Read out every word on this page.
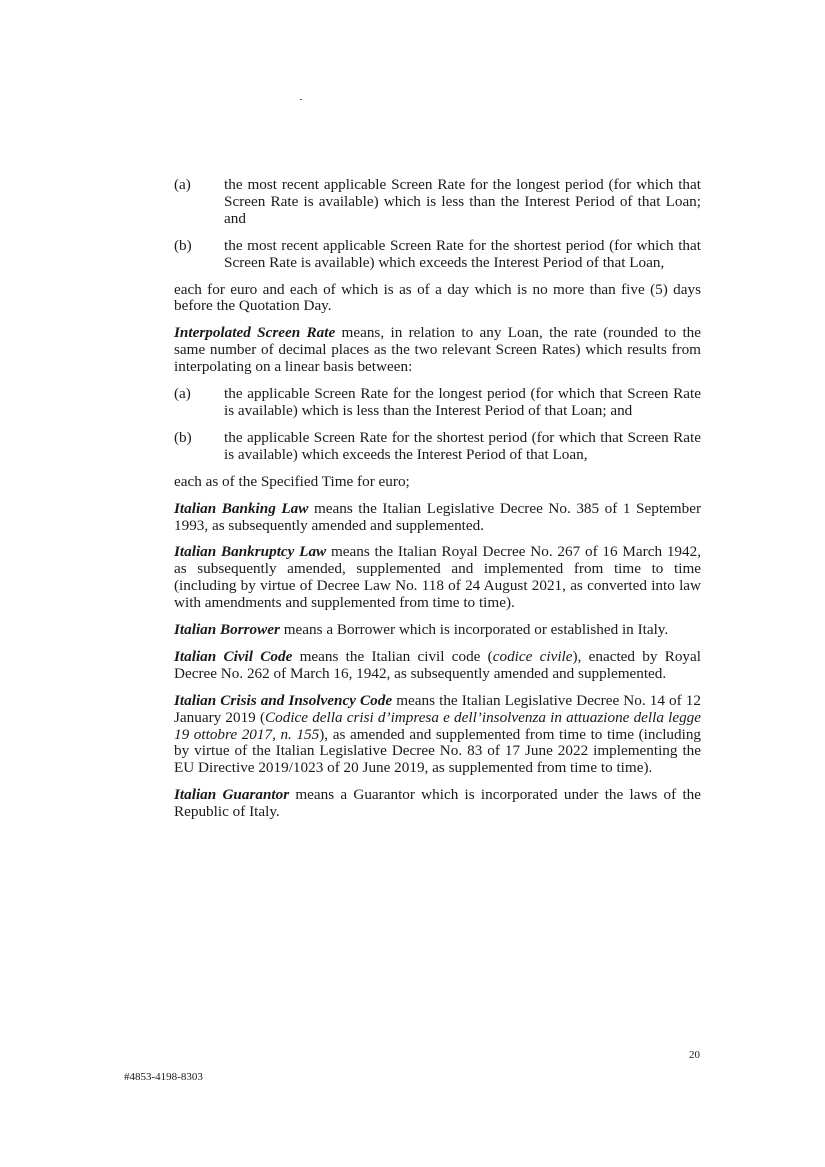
(a)	the most recent applicable Screen Rate for the longest period (for which that Screen Rate is available) which is less than the Interest Period of that Loan; and
(b)	the most recent applicable Screen Rate for the shortest period (for which that Screen Rate is available) which exceeds the Interest Period of that Loan,

each for euro and each of which is as of a day which is no more than five (5) days before the Quotation Day.

Interpolated Screen Rate means, in relation to any Loan, the rate (rounded to the same number of decimal places as the two relevant Screen Rates) which results from interpolating on a linear basis between:

(a)	the applicable Screen Rate for the longest period (for which that Screen Rate is available) which is less than the Interest Period of that Loan; and
(b)	the applicable Screen Rate for the shortest period (for which that Screen Rate is available) which exceeds the Interest Period of that Loan,

each as of the Specified Time for euro;

Italian Banking Law means the Italian Legislative Decree No. 385 of 1 September 1993, as subsequently amended and supplemented.

Italian Bankruptcy Law means the Italian Royal Decree No. 267 of 16 March 1942, as subsequently amended, supplemented and implemented from time to time (including by virtue of Decree Law No. 118 of 24 August 2021, as converted into law with amendments and supplemented from time to time).

Italian Borrower means a Borrower which is incorporated or established in Italy.

Italian Civil Code means the Italian civil code (codice civile), enacted by Royal Decree No. 262 of March 16, 1942, as subsequently amended and supplemented.

Italian Crisis and Insolvency Code means the Italian Legislative Decree No. 14 of 12 January 2019 (Codice della crisi d’impresa e dell’insolvenza in attuazione della legge 19 ottobre 2017, n. 155), as amended and supplemented from time to time (including by virtue of the Italian Legislative Decree No. 83 of 17 June 2022 implementing the EU Directive 2019/1023 of 20 June 2019, as supplemented from time to time).

Italian Guarantor means a Guarantor which is incorporated under the laws of the Republic of Italy.

20
#4853-4198-8303
